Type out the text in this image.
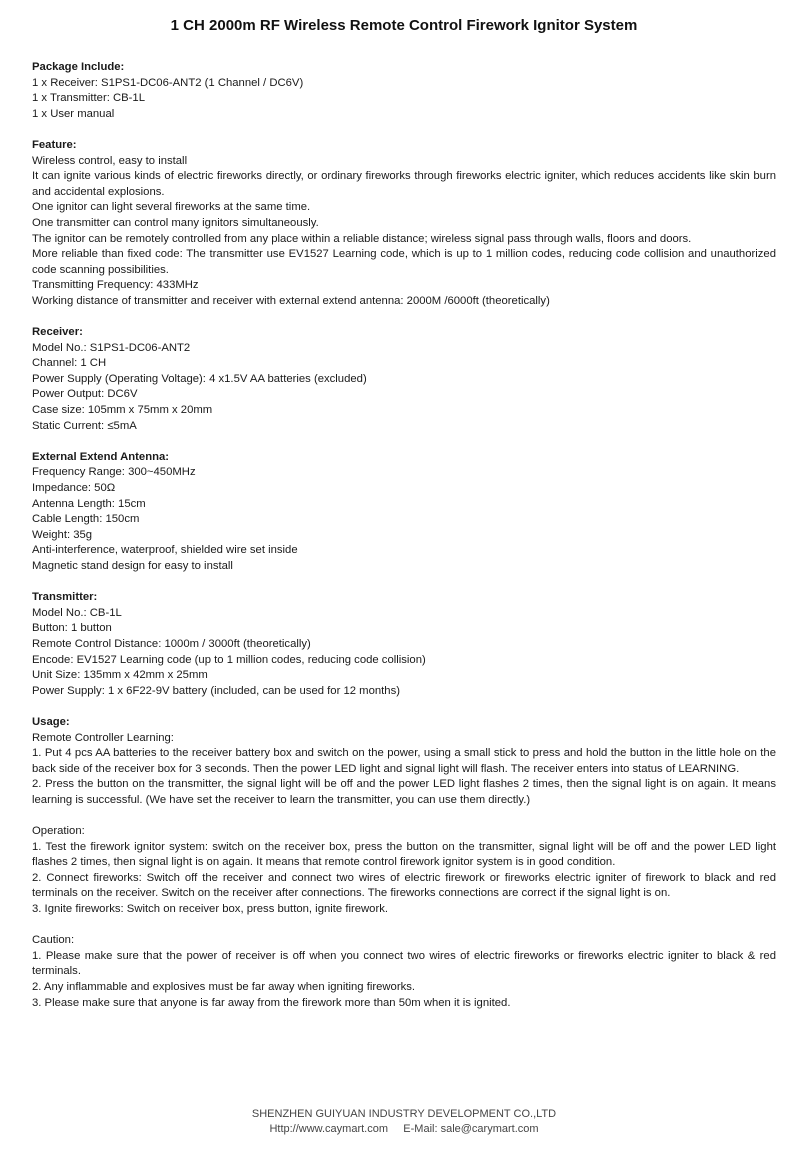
1 CH 2000m RF Wireless Remote Control Firework Ignitor System
Package Include:

1 x Receiver: S1PS1-DC06-ANT2 (1 Channel / DC6V)

1 x Transmitter: CB-1L

1 x User manual

Feature:

Wireless control, easy to install

It can ignite various kinds of electric fireworks directly, or ordinary fireworks through fireworks electric igniter, which reduces accidents like skin burn and accidental explosions.

One ignitor can light several fireworks at the same time.

One transmitter can control many ignitors simultaneously.

The ignitor can be remotely controlled from any place within a reliable distance; wireless signal pass through walls, floors and doors.

More reliable than fixed code: The transmitter use EV1527 Learning code, which is up to 1 million codes, reducing code collision and unauthorized code scanning possibilities.

Transmitting Frequency: 433MHz

Working distance of transmitter and receiver with external extend antenna: 2000M /6000ft (theoretically)

Receiver:

Model No.: S1PS1-DC06-ANT2

Channel: 1 CH

Power Supply (Operating Voltage): 4 x1.5V AA batteries (excluded)

Power Output: DC6V

Case size: 105mm x 75mm x 20mm

Static Current: ≤5mA

External Extend Antenna:

Frequency Range: 300~450MHz

Impedance: 50Ω

Antenna Length: 15cm

Cable Length: 150cm

Weight: 35g

Anti-interference, waterproof, shielded wire set inside

Magnetic stand design for easy to install

Transmitter:

Model No.: CB-1L

Button: 1 button

Remote Control Distance: 1000m / 3000ft (theoretically)

Encode: EV1527 Learning code (up to 1 million codes, reducing code collision)

Unit Size: 135mm x 42mm x 25mm

Power Supply: 1 x 6F22-9V battery (included, can be used for 12 months)

Usage:

Remote Controller Learning:

1. Put 4 pcs AA batteries to the receiver battery box and switch on the power, using a small stick to press and hold the button in the little hole on the back side of the receiver box for 3 seconds. Then the power LED light and signal light will flash. The receiver enters into status of LEARNING.

2. Press the button on the transmitter, the signal light will be off and the power LED light flashes 2 times, then the signal light is on again. It means learning is successful. (We have set the receiver to learn the transmitter, you can use them directly.)

Operation:

1. Test the firework ignitor system: switch on the receiver box, press the button on the transmitter, signal light will be off and the power LED light flashes 2 times, then signal light is on again. It means that remote control firework ignitor system is in good condition.

2. Connect fireworks: Switch off the receiver and connect two wires of electric firework or fireworks electric igniter of firework to black and red terminals on the receiver. Switch on the receiver after connections. The fireworks connections are correct if the signal light is on.

3. Ignite fireworks: Switch on receiver box, press button, ignite firework.

Caution:

1. Please make sure that the power of receiver is off when you connect two wires of electric fireworks or fireworks electric igniter to black & red terminals.

2. Any inflammable and explosives must be far away when igniting fireworks.

3. Please make sure that anyone is far away from the firework more than 50m when it is ignited.

SHENZHEN GUIYUAN INDUSTRY DEVELOPMENT CO.,LTD
Http://www.caymart.com     E-Mail: sale@carymart.com
